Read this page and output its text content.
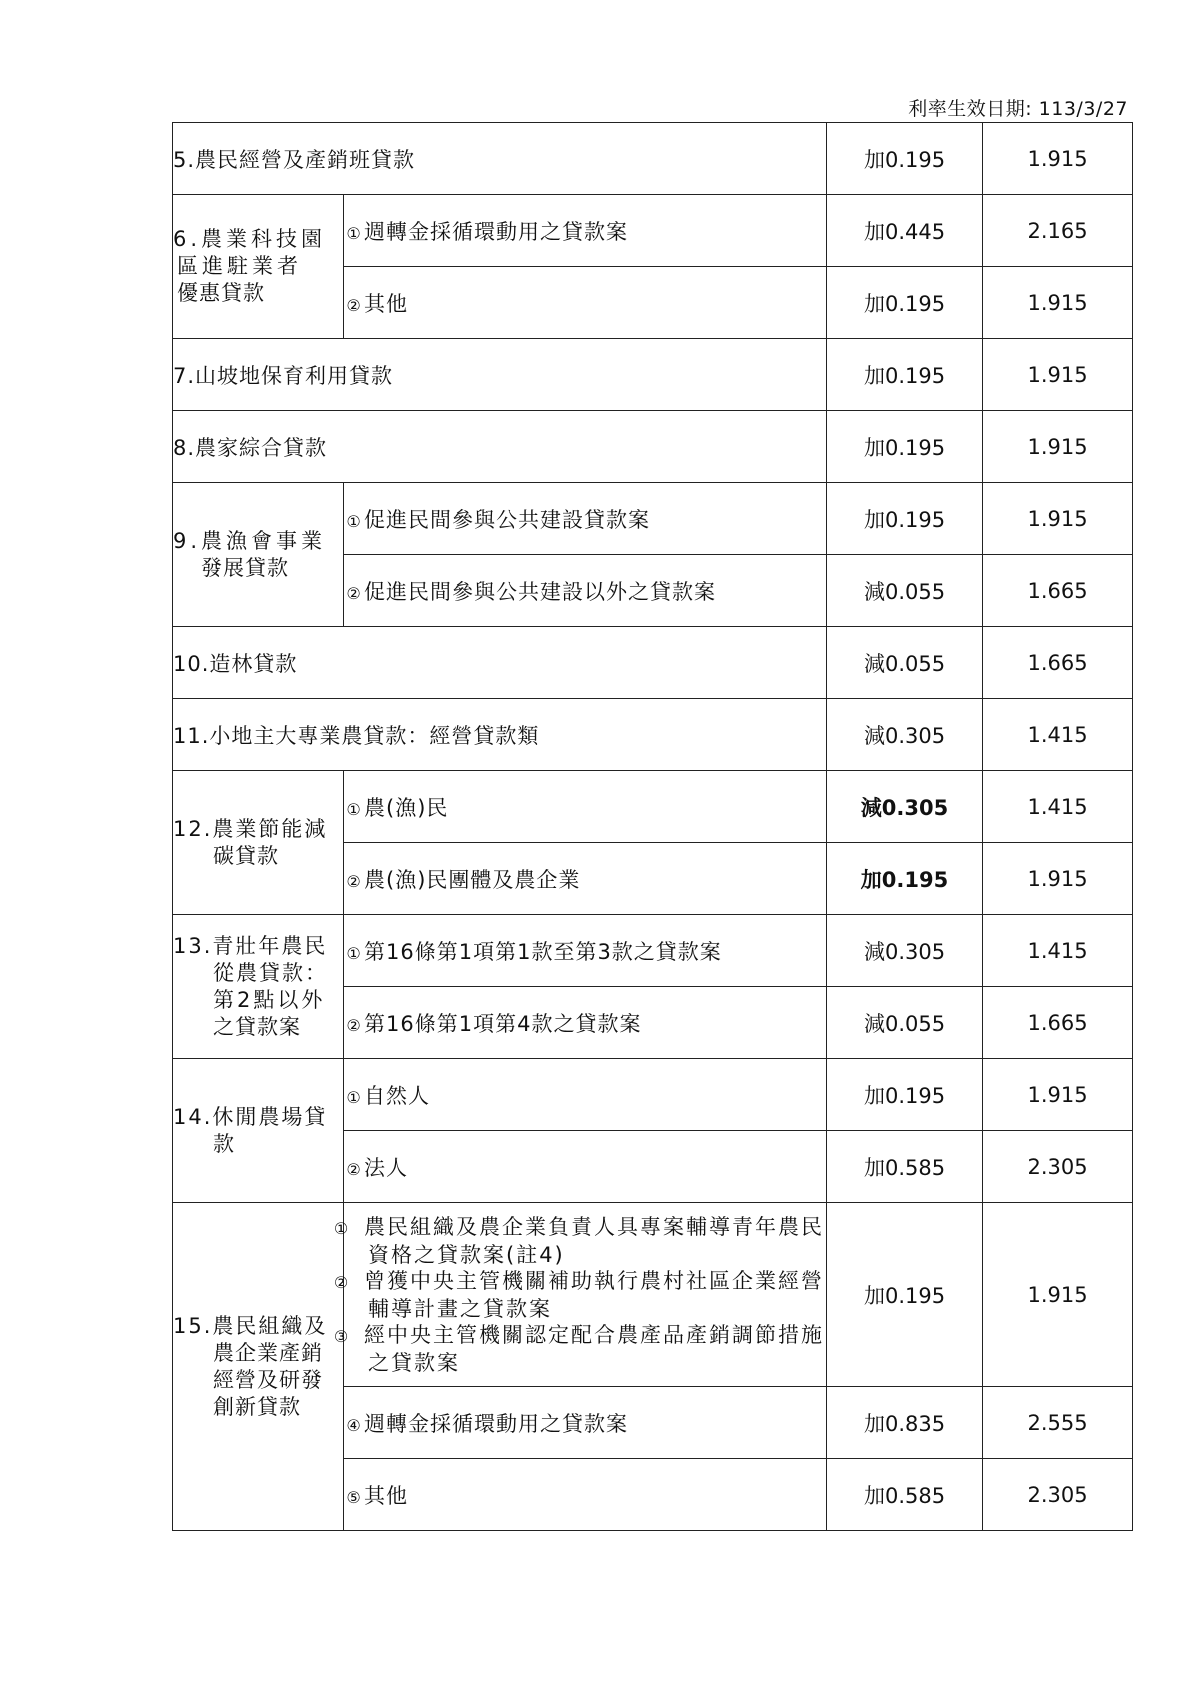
利率生效日期: 113/3/27
5.農民經營及產銷班貸款		加0.195	1.915
6.農業科技園

區進駐業者
優惠貸款	① 週轉金採循環動用之貸款案	加0.445	2.165
	② 其他	加0.195	1.915
7.山坡地保育利用貸款		加0.195	1.915
8.農家綜合貸款		加0.195	1.915
9.農漁會事業
發展貸款	① 促進民間參與公共建設貸款案	加0.195	1.915
	② 促進民間參與公共建設以外之貸款案	減0.055	1.665
10.造林貸款		減0.055	1.665
11.小地主大專業農貸款：經營貸款類		減0.305	1.415
12.農業節能減
碳貸款	① 農(漁)民	減0.305	1.415
	② 農(漁)民團體及農企業	加0.195	1.915
13.青壯年農民
從農貸款：
第2點以外
之貸款案	① 第16條第1項第1款至第3款之貸款案	減0.305	1.415
	② 第16條第1項第4款之貸款案	減0.055	1.665
14.休閒農場貸
款	① 自然人	加0.195	1.915
	② 法人	加0.585	2.305
15.農民組織及
農企業產銷
經營及研發
創新貸款	① 農民組織及農企業負責人具專案輔導青年農民資格之貸款案(註4)
② 曾獲中央主管機關補助執行農村社區企業經營輔導計畫之貸款案
③ 經中央主管機關認定配合農產品產銷調節措施之貸款案	加0.195	1.915
	④ 週轉金採循環動用之貸款案	加0.835	2.555
	⑤ 其他	加0.585	2.305
